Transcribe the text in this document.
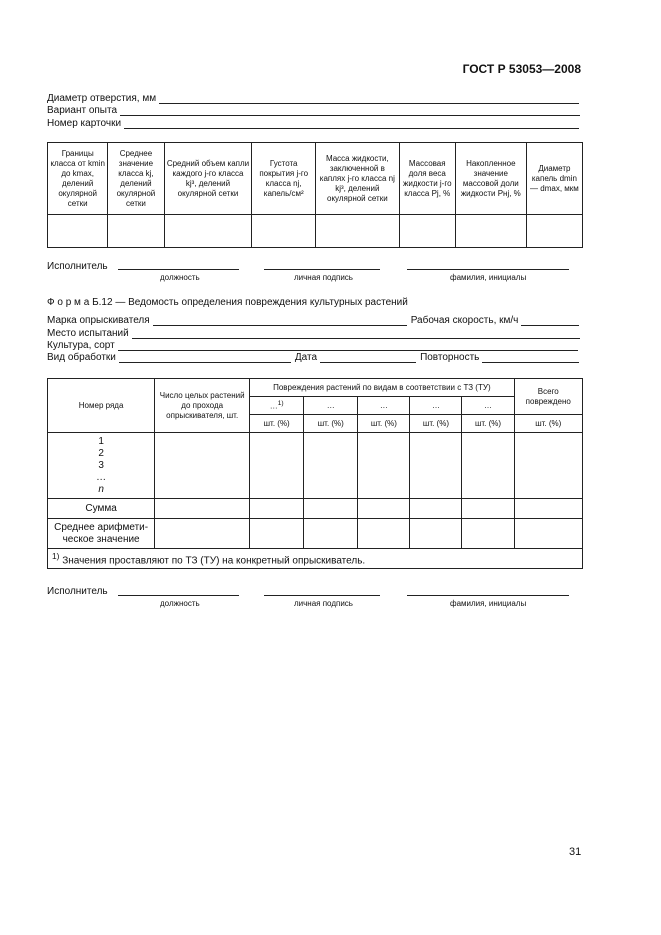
ГОСТ Р 53053—2008
Диаметр отверстия, мм
Вариант опыта
Номер карточки
Границы класса от kmin до kmax, делений окулярной сетки	Среднее значение класса kj, делений окулярной сетки	Средний объем капли каждого j-го класса kj³, делений окулярной сетки	Густота покрытия j-го класса nj, капель/см²	Масса жидкости, заключенной в каплях j-го класса nj kj³, делений окулярной сетки	Массовая доля веса жидкости j-го класса Pj, %	Накопленное значение массовой доли жидкости Pнj, %	Диаметр капель dmin — dmax, мкм

Исполнитель
должность	личная подпись	фамилия, инициалы
Ф о р м а Б.12 — Ведомость определения повреждения культурных растений
Марка опрыскивателя	Рабочая скорость, км/ч
Место испытаний
Культура, сорт
Вид обработки	Дата	Повторность
Номер ряда	Число целых растений до прохода опрыскивателя, шт.	Повреждения растений по видам в соответствии с ТЗ (ТУ)					Всего повреждено
		…$^{1)}$	…	…	…	…	
		шт. (%)	шт. (%)	шт. (%)	шт. (%)	шт. (%)	шт. (%)

1
2
3
…
n							

Сумма							
Среднее арифмети-ческое значение							
$^{1)}$ Значения проставляют по ТЗ (ТУ) на конкретный опрыскиватель.							
Исполнитель
должность	личная подпись	фамилия, инициалы
31
